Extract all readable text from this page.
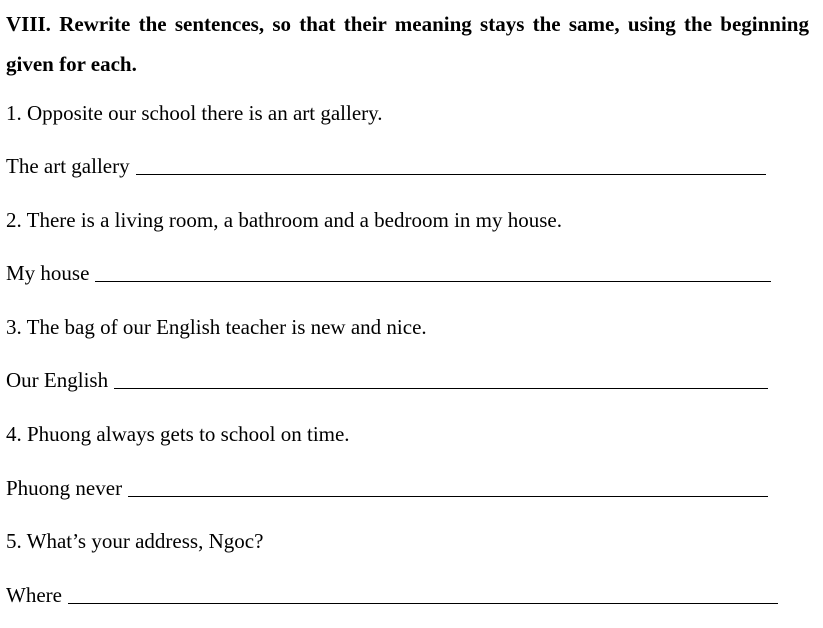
VIII. Rewrite the sentences, so that their meaning stays the same, using the beginning given for each.
1. Opposite our school there is an art gallery.
The art gallery
2. There is a living room, a bathroom and a bedroom in my house.
My house
3. The bag of our English teacher is new and nice.
Our English
4. Phuong always gets to school on time.
Phuong never
5. What’s your address, Ngoc?
Where
